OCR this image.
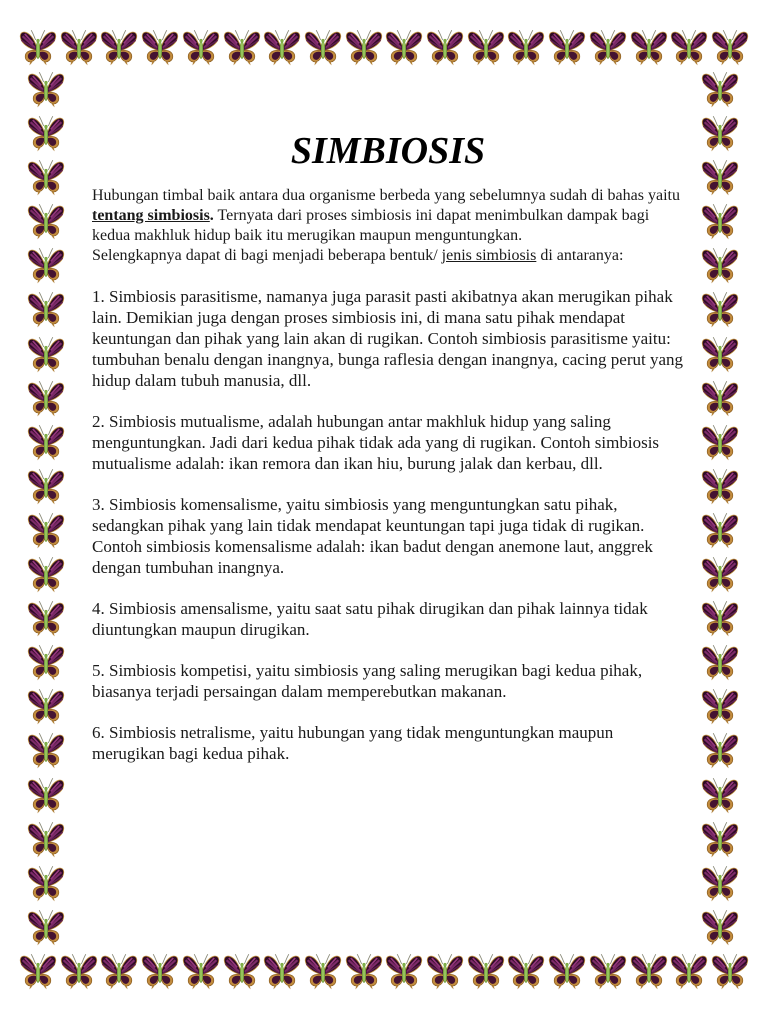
SIMBIOSIS

Hubungan timbal baik antara dua organisme berbeda yang sebelumnya sudah di bahas yaitu tentang simbiosis. Ternyata dari proses simbiosis ini dapat menimbulkan dampak bagi kedua makhluk hidup baik itu merugikan maupun menguntungkan.

Selengkapnya dapat di bagi menjadi beberapa bentuk/ jenis simbiosis di antaranya:

1. Simbiosis parasitisme, namanya juga parasit pasti akibatnya akan merugikan pihak lain. Demikian juga dengan proses simbiosis ini, di mana satu pihak mendapat keuntungan dan pihak yang lain akan di rugikan. Contoh simbiosis parasitisme yaitu: tumbuhan benalu dengan inangnya, bunga raflesia dengan inangnya, cacing perut yang hidup dalam tubuh manusia, dll.

2. Simbiosis mutualisme, adalah hubungan antar makhluk hidup yang saling menguntungkan. Jadi dari kedua pihak tidak ada yang di rugikan. Contoh simbiosis mutualisme adalah: ikan remora dan ikan hiu, burung jalak dan kerbau, dll.

3. Simbiosis komensalisme, yaitu simbiosis yang menguntungkan satu pihak, sedangkan pihak yang lain tidak mendapat keuntungan tapi juga tidak di rugikan. Contoh simbiosis komensalisme adalah: ikan badut dengan anemone laut, anggrek dengan tumbuhan inangnya.

4. Simbiosis amensalisme, yaitu saat satu pihak dirugikan dan pihak lainnya tidak diuntungkan maupun dirugikan.

5. Simbiosis kompetisi, yaitu simbiosis yang saling merugikan bagi kedua pihak, biasanya terjadi persaingan dalam memperebutkan makanan.

6. Simbiosis netralisme, yaitu hubungan yang tidak menguntungkan maupun merugikan bagi kedua pihak.
